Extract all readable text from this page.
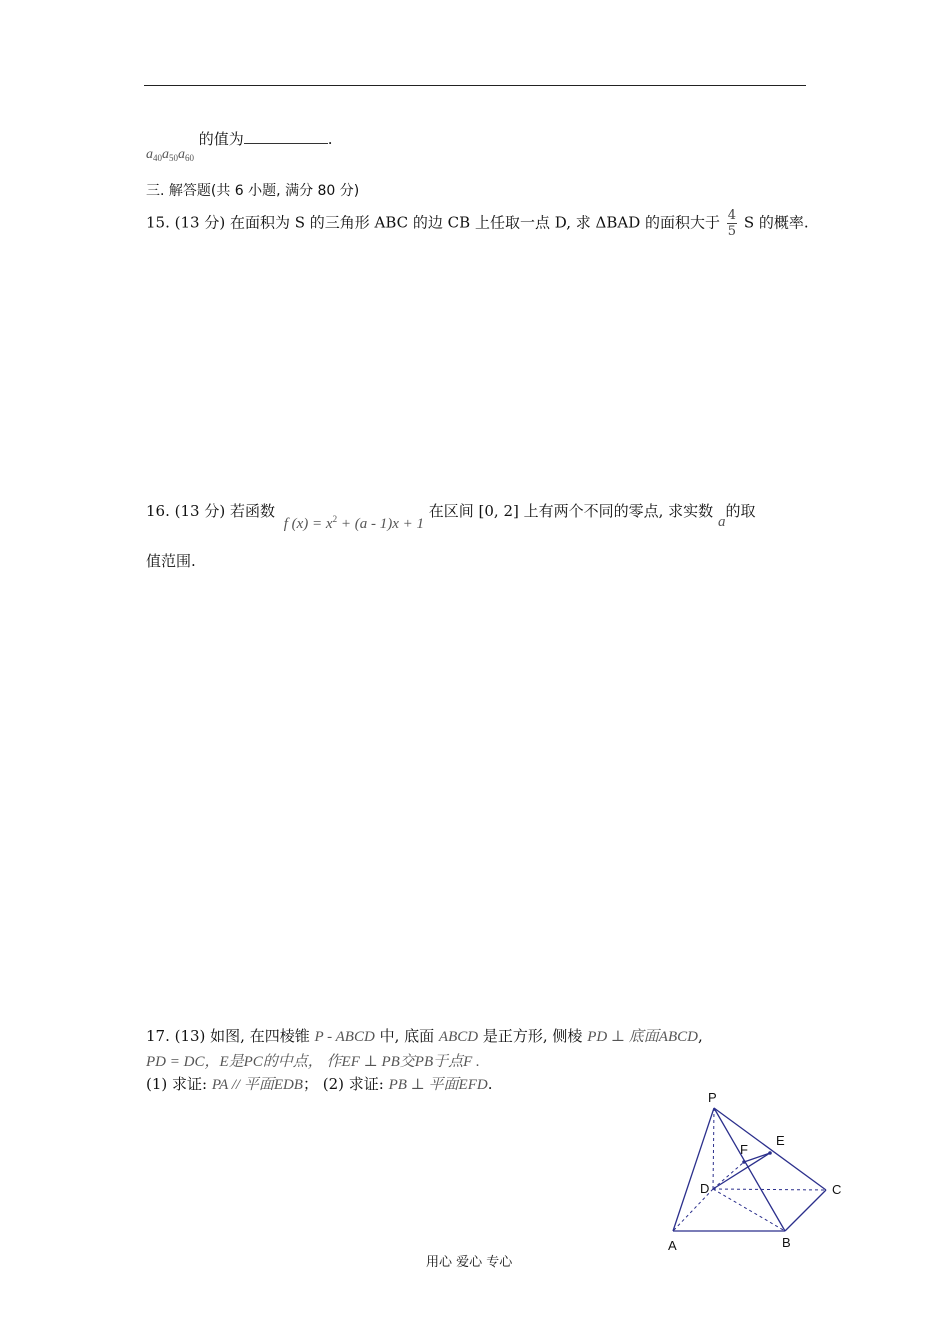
$a_{40}a_{50}a_{60}$ 的值为	.
三. 解答题(共 6 小题, 满分 80 分)
15. (13 分) 在面积为 S 的三角形 ABC 的边 CB 上任取一点 D, 求 ΔBAD 的面积大于 $\frac{4}{5}$ S 的概率.
16. (13 分) 若函数 f $(x) = x^2 + (a - 1)x + 1$ 在区间 [0, 2] 上有两个不同的零点, 求实数 a的取
值范围.
17. (13) 如图, 在四棱锥 P - ABCD 中, 底面 ABCD 是正方形, 侧棱 PD ⊥ 底面ABCD,
PD = DC，E是PC的中点， 作EF ⊥ PB交PB于点F .
(1) 求证: PA // 平面EDB； (2) 求证: PB ⊥ 平面EFD.
P
E
F
D	C
A	B
用心 爱心 专心
